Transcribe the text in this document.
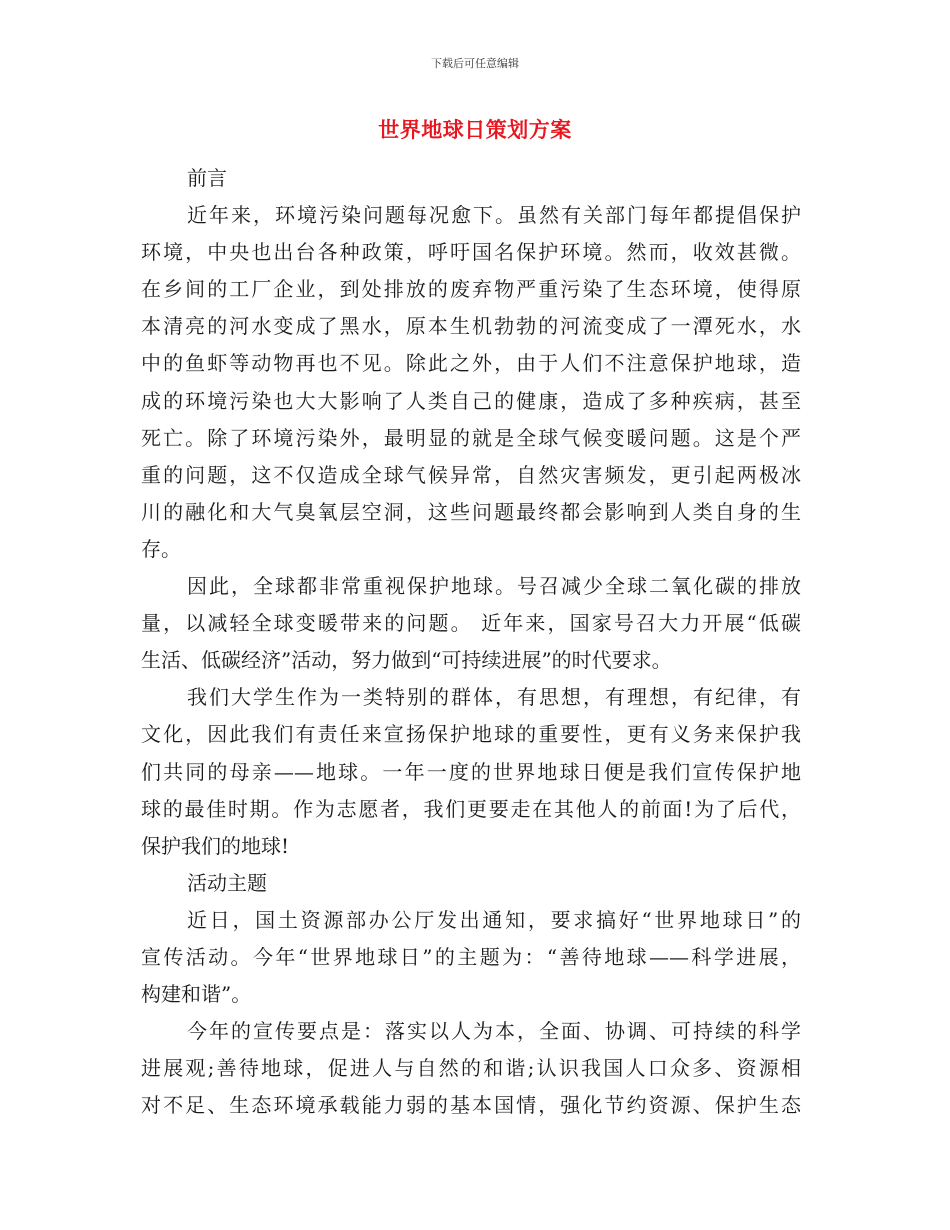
下载后可任意编辑
世界地球日策划方案
前言
近年来，环境污染问题每况愈下。虽然有关部门每年都提倡保护
环境，中央也出台各种政策，呼吁国名保护环境。然而，收效甚微。
在乡间的工厂企业，到处排放的废弃物严重污染了生态环境，使得原
本清亮的河水变成了黑水，原本生机勃勃的河流变成了一潭死水，水
中的鱼虾等动物再也不见。除此之外，由于人们不注意保护地球，造
成的环境污染也大大影响了人类自己的健康，造成了多种疾病，甚至
死亡。除了环境污染外，最明显的就是全球气候变暖问题。这是个严
重的问题，这不仅造成全球气候异常，自然灾害频发，更引起两极冰
川的融化和大气臭氧层空洞，这些问题最终都会影响到人类自身的生
存。
因此，全球都非常重视保护地球。号召减少全球二氧化碳的排放
量，以减轻全球变暖带来的问题。 近年来，国家号召大力开展“低碳
生活、低碳经济”活动，努力做到“可持续进展”的时代要求。
我们大学生作为一类特别的群体，有思想，有理想，有纪律，有
文化，因此我们有责任来宣扬保护地球的重要性，更有义务来保护我
们共同的母亲——地球。一年一度的世界地球日便是我们宣传保护地
球的最佳时期。作为志愿者，我们更要走在其他人的前面!为了后代，
保护我们的地球!
活动主题
近日，国土资源部办公厅发出通知，要求搞好“世界地球日”的
宣传活动。今年“世界地球日”的主题为：“善待地球——科学进展，
构建和谐”。
今年的宣传要点是：落实以人为本，全面、协调、可持续的科学
进展观;善待地球，促进人与自然的和谐;认识我国人口众多、资源相
对不足、生态环境承载能力弱的基本国情，强化节约资源、保护生态
